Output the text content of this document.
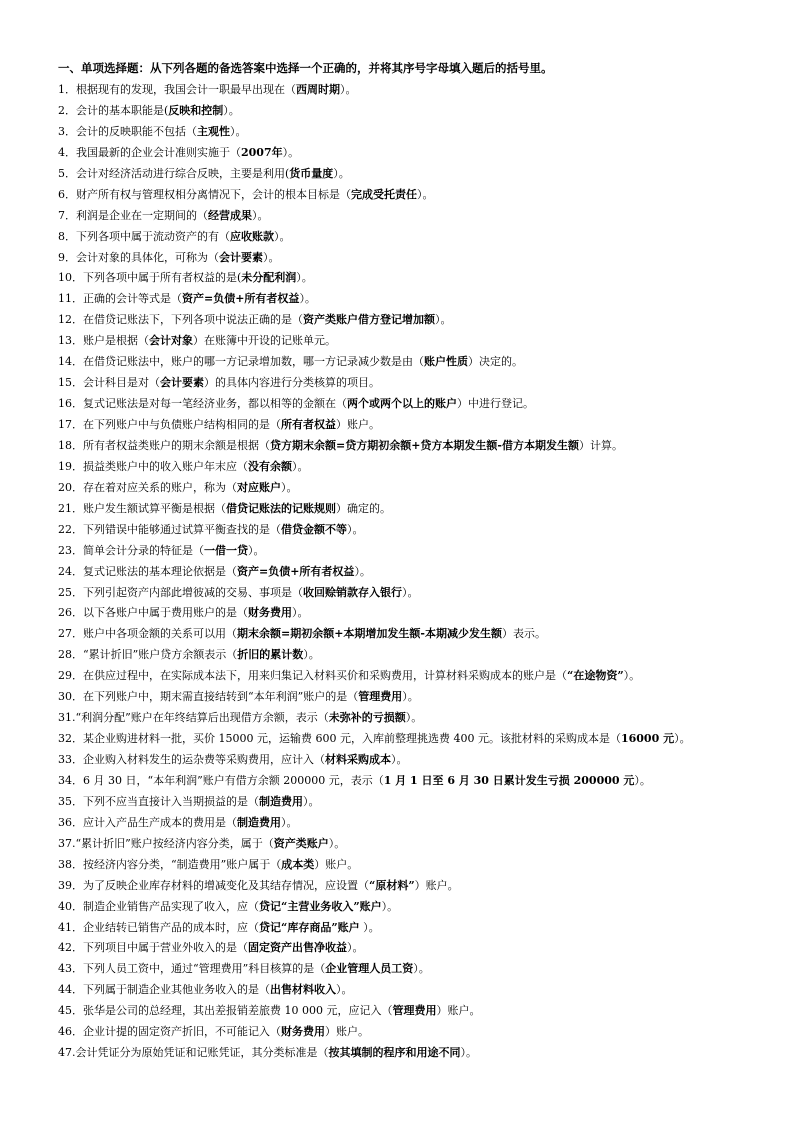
一、单项选择题：从下列各题的备选答案中选择一个正确的，并将其序号字母填入题后的括号里。
1．根据现有的发现，我国会计一职最早出现在（西周时期）。
2．会计的基本职能是(反映和控制）。
3．会计的反映职能不包括（主观性）。
4．我国最新的企业会计准则实施于（2007年）。
5．会计对经济活动进行综合反映，主要是利用(货币量度）。
6．财产所有权与管理权相分离情况下，会计的根本目标是（完成受托责任）。
7．利润是企业在一定期间的（经营成果）。
8．下列各项中属于流动资产的有（应收账款）。
9．会计对象的具体化，可称为（会计要素）。
10．下列各项中属于所有者权益的是(未分配利润）。
11．正确的会计等式是（资产=负债+所有者权益）。
12．在借贷记账法下，下列各项中说法正确的是（资产类账户借方登记增加额）。
13．账户是根据（会计对象）在账簿中开设的记账单元。
14．在借贷记账法中，账户的哪一方记录增加数，哪一方记录减少数是由（账户性质）决定的。
15．会计科目是对（会计要素）的具体内容进行分类核算的项目。
16．复式记账法是对每一笔经济业务，都以相等的金额在（两个或两个以上的账户）中进行登记。
17．在下列账户中与负债账户结构相同的是（所有者权益）账户。
18．所有者权益类账户的期末余额是根据（贷方期末余额=贷方期初余额+贷方本期发生额-借方本期发生额）计算。
19．损益类账户中的收入账户年末应（没有余额）。
20．存在着对应关系的账户，称为（对应账户）。
21．账户发生额试算平衡是根据（借贷记账法的记账规则）确定的。
22．下列错误中能够通过试算平衡查找的是（借贷金额不等）。
23．简单会计分录的特征是（一借一贷）。
24．复式记账法的基本理论依据是（资产=负债+所有者权益）。
25．下列引起资产内部此增彼减的交易、事项是（收回赊销款存入银行）。
26．以下各账户中属于费用账户的是（财务费用）。
27．账户中各项金额的关系可以用（期末余额=期初余额+本期增加发生额-本期减少发生额）表示。
28．“累计折旧”账户贷方余额表示（折旧的累计数）。
29．在供应过程中，在实际成本法下，用来归集记入材料买价和采购费用，计算材料采购成本的账户是（“在途物资”）。
30．在下列账户中，期末需直接结转到“本年利润”账户的是（管理费用）。
31.“利润分配”账户在年终结算后出现借方余额，表示（未弥补的亏损额）。
32．某企业购进材料一批，买价 15000 元，运输费 600 元，入库前整理挑选费 400 元。该批材料的采购成本是（16000 元）。
33．企业购入材料发生的运杂费等采购费用，应计入（材料采购成本）。
34．6 月 30 日，“本年利润”账户有借方余额 200000 元，表示（1 月 1 日至 6 月 30 日累计发生亏损 200000 元）。
35．下列不应当直接计入当期损益的是（制造费用）。
36．应计入产品生产成本的费用是（制造费用）。
37.“累计折旧”账户按经济内容分类，属于（资产类账户）。
38．按经济内容分类，“制造费用”账户属于（成本类）账户。
39．为了反映企业库存材料的增减变化及其结存情况，应设置（“原材料”）账户。
40．制造企业销售产品实现了收入，应（贷记“主营业务收入”账户）。
41．企业结转已销售产品的成本时，应（贷记“库存商品”账户 ）。
42．下列项目中属于营业外收入的是（固定资产出售净收益）。
43．下列人员工资中，通过“管理费用”科目核算的是（企业管理人员工资）。
44．下列属于制造企业其他业务收入的是（出售材料收入）。
45．张华是公司的总经理，其出差报销差旅费 10 000 元，应记入（管理费用）账户。
46．企业计提的固定资产折旧，不可能记入（财务费用）账户。
47.会计凭证分为原始凭证和记账凭证，其分类标准是（按其填制的程序和用途不同）。
